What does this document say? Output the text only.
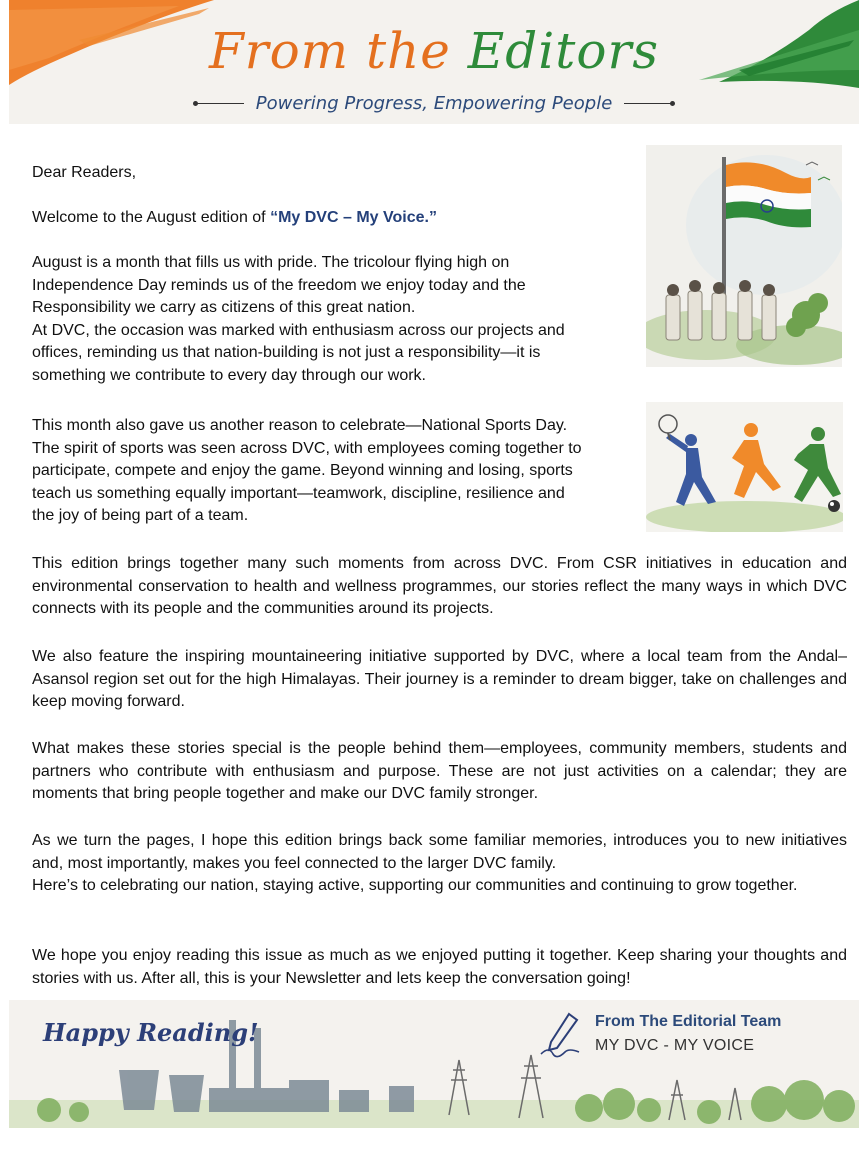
From the Editors
Powering Progress, Empowering People
Dear Readers,
Welcome to the August edition of “My DVC – My Voice.”

August is a month that fills us with pride. The tricolour flying high on

Independence Day reminds us of the freedom we enjoy today and the

Responsibility we carry as citizens of this great nation.

At DVC, the occasion was marked with enthusiasm across our projects and

offices, reminding us that nation-building is not just a responsibility—it is

something we contribute to every day through our work.

This month also gave us another reason to celebrate—National Sports Day.

The spirit of sports was seen across DVC, with employees coming together to

participate, compete and enjoy the game. Beyond winning and losing, sports

teach us something equally important—teamwork, discipline, resilience and

the joy of being part of a team.

This edition brings together many such moments from across DVC. From CSR initiatives in education and environmental conservation to health and wellness programmes, our stories reflect the many ways in which DVC connects with its people and the communities around its projects.
We also feature the inspiring mountaineering initiative supported by DVC, where a local team from the Andal–Asansol region set out for the high Himalayas. Their journey is a reminder to dream bigger, take on challenges and keep moving forward.
What makes these stories special is the people behind them—employees, community members, students and partners who contribute with enthusiasm and purpose. These are not just activities on a calendar; they are moments that bring people together and make our DVC family stronger.

As we turn the pages, I hope this edition brings back some familiar memories, introduces you to new initiatives and, most importantly, makes you feel connected to the larger DVC family.

Here’s to celebrating our nation, staying active, supporting our communities and continuing to grow together.

We hope you enjoy reading this issue as much as we enjoyed putting it together. Keep sharing your thoughts and stories with us. After all, this is your Newsletter and lets keep the conversation going!
Happy Reading!	From The Editorial Team
MY DVC - MY VOICE
